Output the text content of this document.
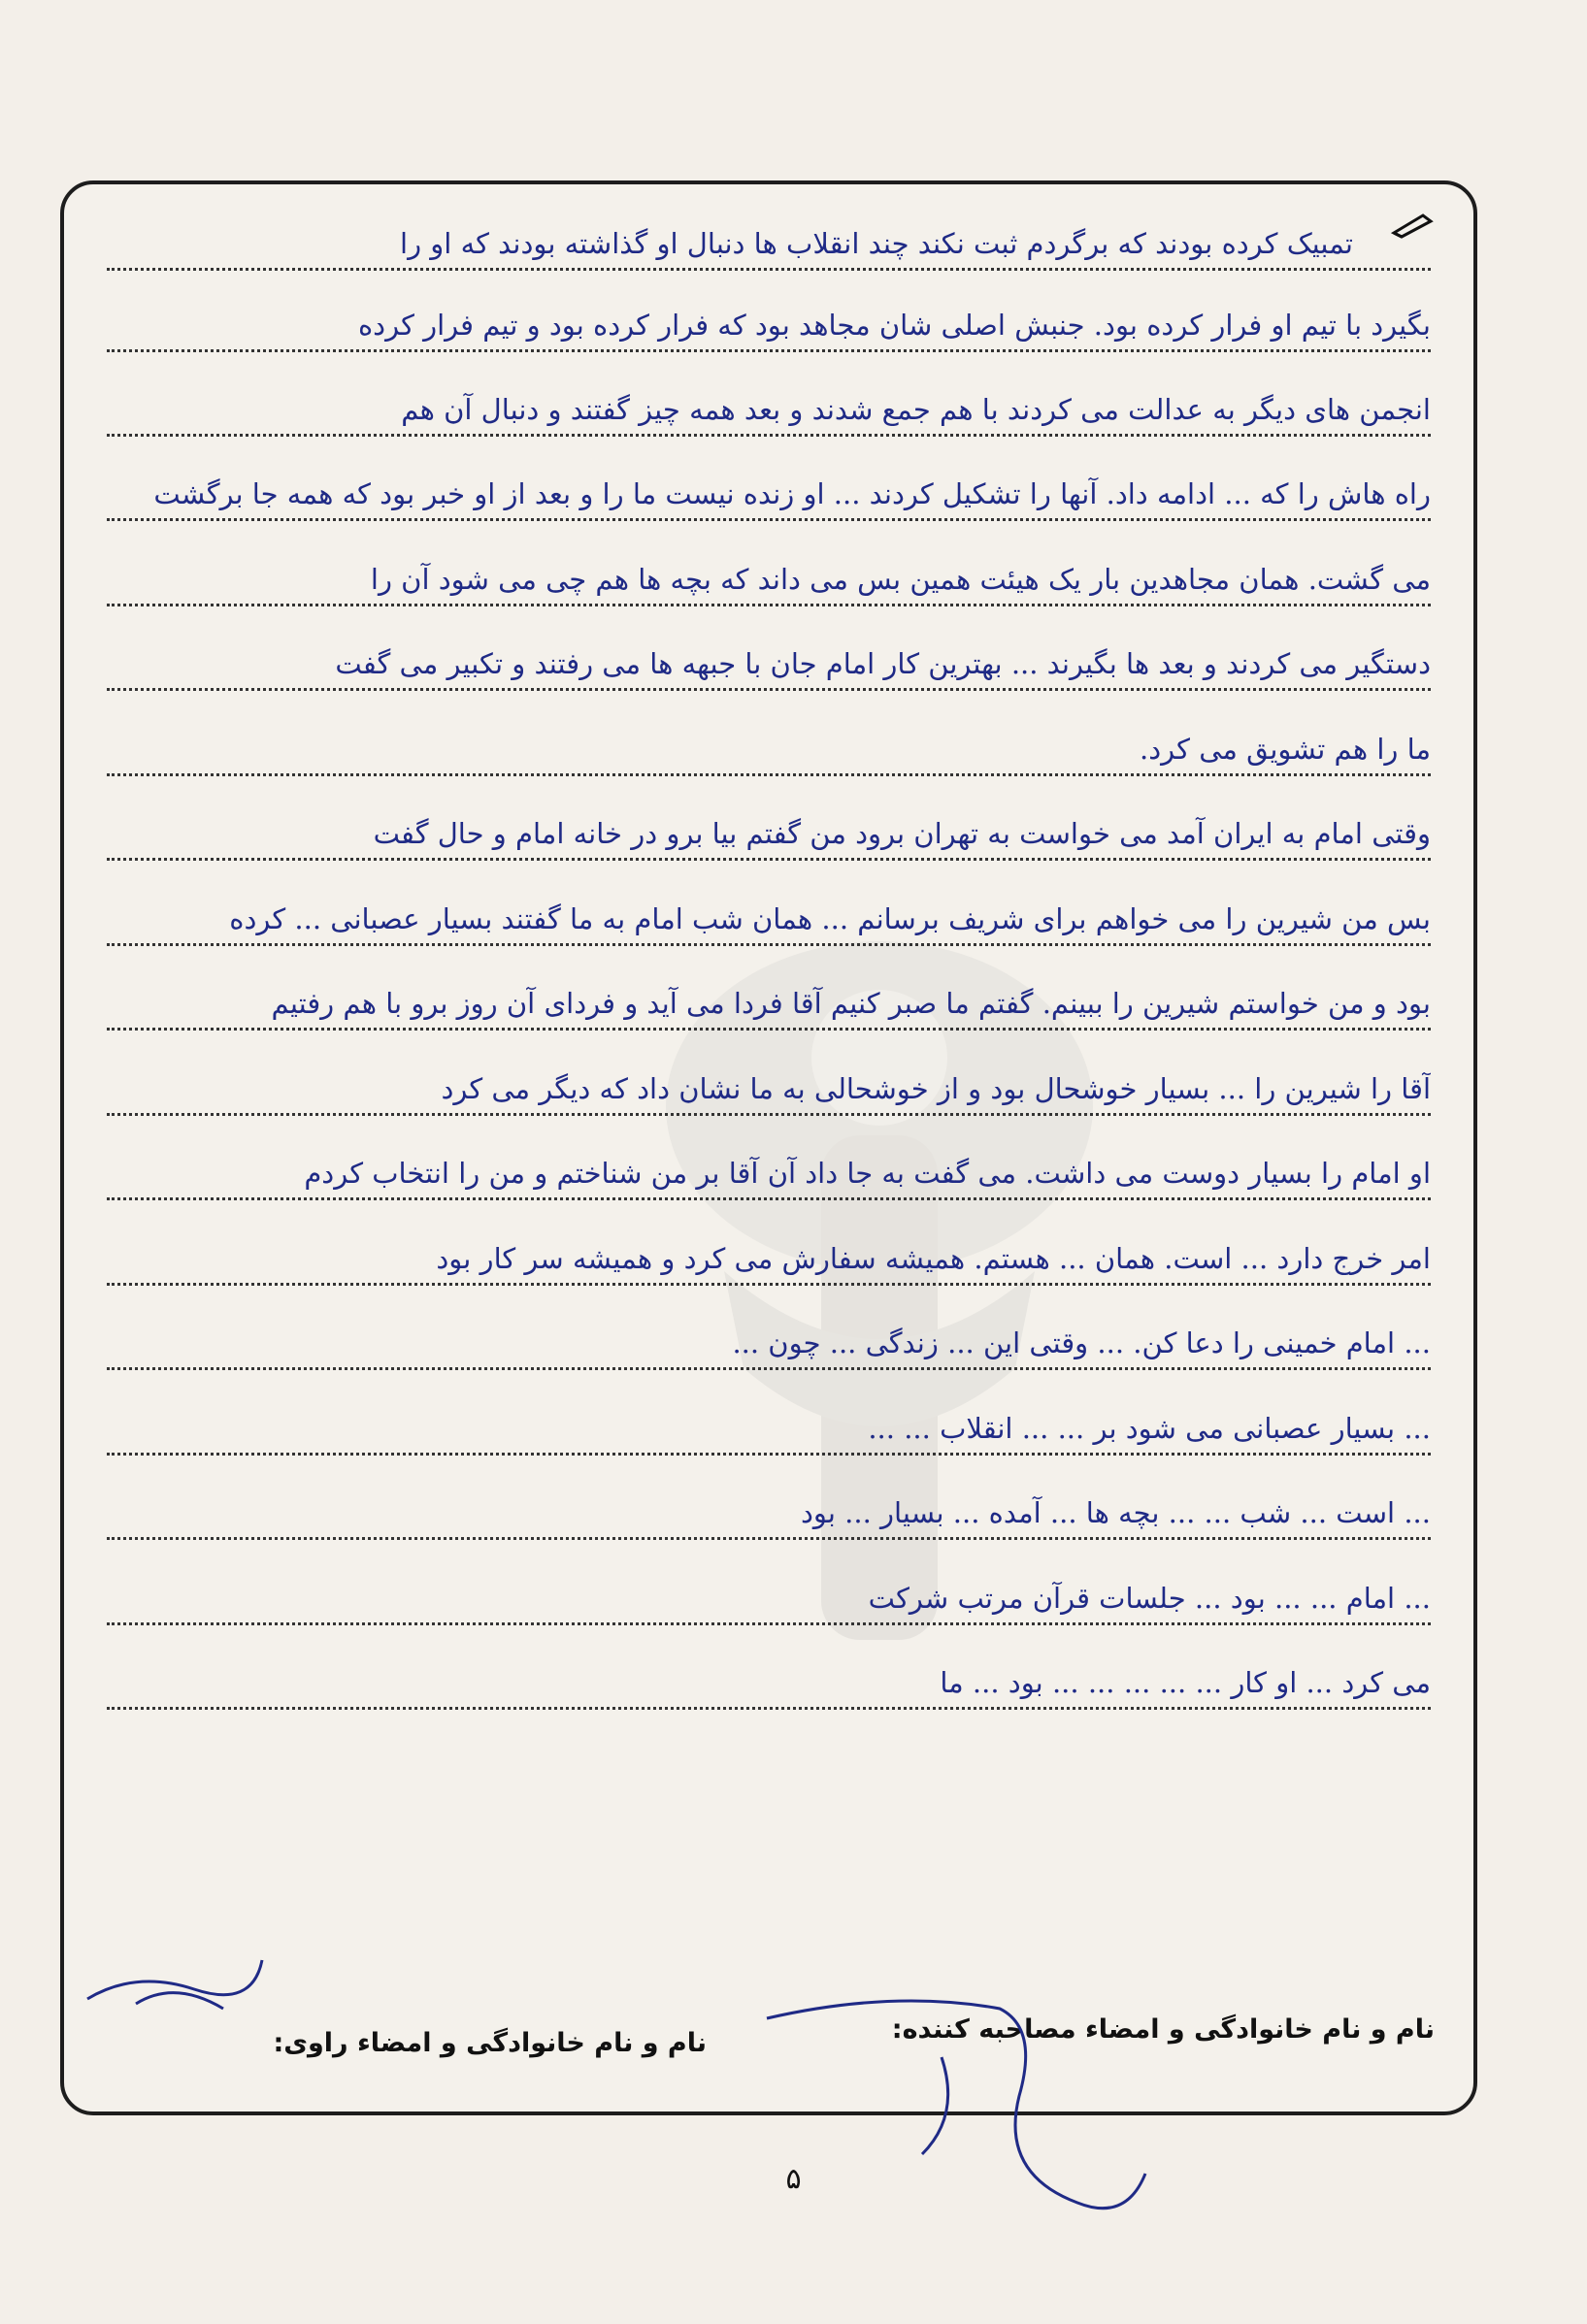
تمبیک کرده بودند که برگردم ثبت نکند چند انقلاب ها دنبال او گذاشته بودند که او را
بگیرد با تیم او فرار کرده بود. جنبش اصلی شان مجاهد بود که فرار کرده بود و تیم فرار کرده
انجمن های دیگر به عدالت می کردند با هم جمع شدند و بعد همه چیز گفتند و دنبال آن هم
راه هاش را که ... ادامه داد. آنها را تشکیل کردند ... او زنده نیست ما را و بعد از او خبر بود که همه جا برگشت
می گشت. همان مجاهدین بار یک هیئت همین بس می داند که بچه ها هم چی می شود آن را
دستگیر می کردند و بعد ها بگیرند ... بهترین کار امام جان با جبهه ها می رفتند و تکبیر می گفت
ما را هم تشویق می کرد.
وقتی امام به ایران آمد می خواست به تهران برود من گفتم بیا برو در خانه امام و حال گفت
بس من شیرین را می خواهم برای شریف برسانم ... همان شب امام به ما گفتند بسیار عصبانی ... کرده
بود و من خواستم شیرین را ببینم. گفتم ما صبر کنیم آقا فردا می آید و فردای آن روز برو با هم رفتیم
آقا را شیرین را ... بسیار خوشحال بود و از خوشحالی به ما نشان داد که دیگر می کرد
او امام را بسیار دوست می داشت. می گفت به جا داد آن آقا بر من شناختم و من را انتخاب کردم
امر خرج دارد ... است. همان ... هستم. همیشه سفارش می کرد و همیشه سر کار بود
... امام خمینی را دعا کن. ... وقتی این ... زندگی ... چون ...
... بسیار عصبانی می شود بر ... ... انقلاب ... ...
... است ... شب ... ... بچه ها ... آمده ... بسیار ... بود
... امام ... ... بود ... جلسات قرآن مرتب شرکت
می کرد ... او کار ... ... ... ... ... بود ... ما
نام و نام خانوادگی و امضاء مصاحبه کننده:
نام و نام خانوادگی و امضاء راوی:
۵
